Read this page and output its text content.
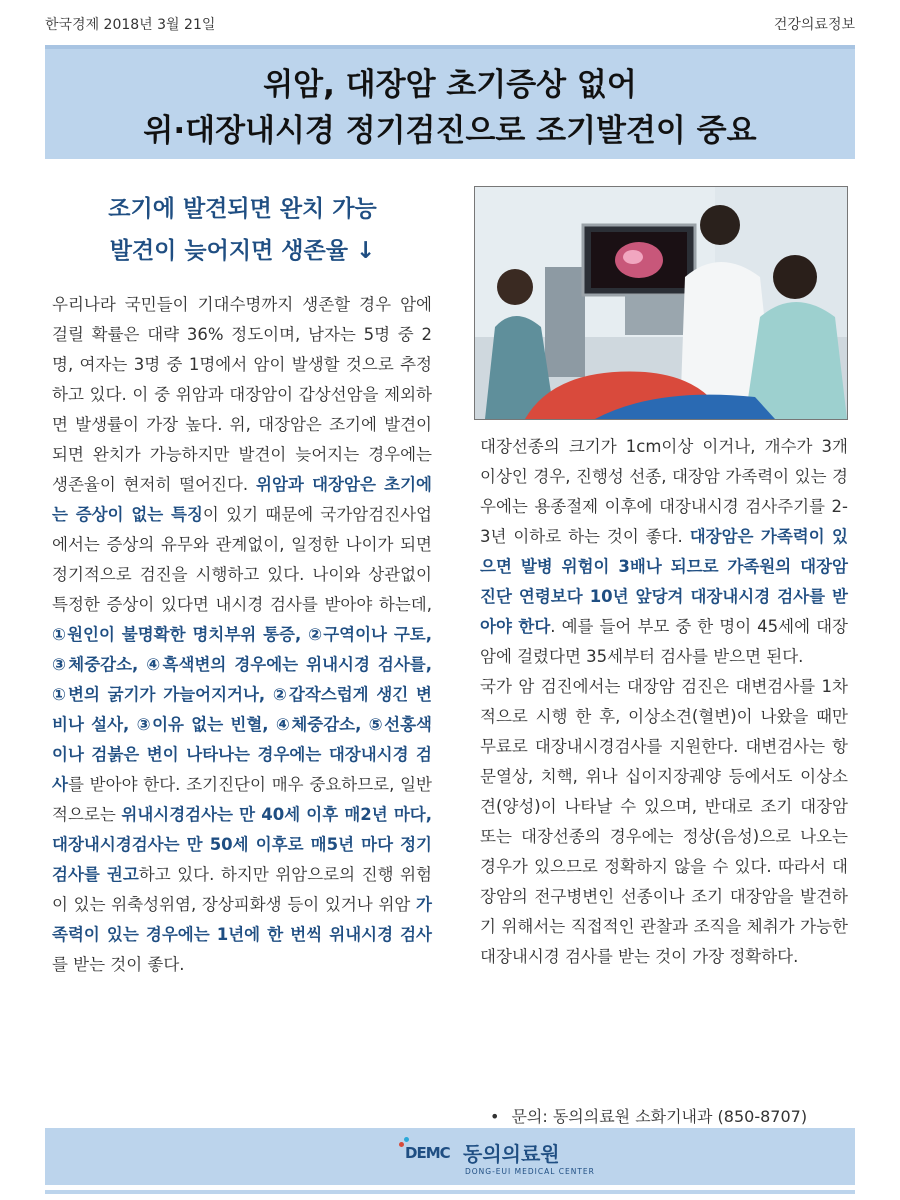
한국경제 2018년 3월 21일	건강의료정보
위암, 대장암 초기증상 없어
위·대장내시경 정기검진으로 조기발견이 중요
조기에 발견되면 완치 가능
발견이 늦어지면 생존율 ↓

우리나라 국민들이 기대수명까지 생존할 경우 암에 걸릴 확률은 대략 36% 정도이며, 남자는 5명 중 2명, 여자는 3명 중 1명에서 암이 발생할 것으로 추정하고 있다. 이 중 위암과 대장암이 갑상선암을 제외하면 발생률이 가장 높다. 위, 대장암은 조기에 발견이 되면 완치가 가능하지만 발견이 늦어지는 경우에는 생존율이 현저히 떨어진다. 위암과 대장암은 초기에는 증상이 없는 특징이 있기 때문에 국가암검진사업에서는 증상의 유무와 관계없이, 일정한 나이가 되면 정기적으로 검진을 시행하고 있다. 나이와 상관없이 특정한 증상이 있다면 내시경 검사를 받아야 하는데, ①원인이 불명확한 명치부위 통증, ②구역이나 구토, ③체중감소, ④흑색변의 경우에는 위내시경 검사를, ①변의 굵기가 가늘어지거나, ②갑작스럽게 생긴 변비나 설사, ③이유 없는 빈혈, ④체중감소, ⑤선홍색이나 검붉은 변이 나타나는 경우에는 대장내시경 검사를 받아야 한다. 조기진단이 매우 중요하므로, 일반적으로는 위내시경검사는 만 40세 이후 매2년 마다, 대장내시경검사는 만 50세 이후로 매5년 마다 정기검사를 권고하고 있다. 하지만 위암으로의 진행 위험이 있는 위축성위염, 장상피화생 등이 있거나 위암 가족력이 있는 경우에는 1년에 한 번씩 위내시경 검사를 받는 것이 좋다.

대장선종의 크기가 1cm이상 이거나, 개수가 3개 이상인 경우, 진행성 선종, 대장암 가족력이 있는 경우에는 용종절제 이후에 대장내시경 검사주기를 2-3년 이하로 하는 것이 좋다. 대장암은 가족력이 있으면 발병 위험이 3배나 되므로 가족원의 대장암 진단 연령보다 10년 앞당겨 대장내시경 검사를 받아야 한다. 예를 들어 부모 중 한 명이 45세에 대장암에 걸렸다면 35세부터 검사를 받으면 된다.

국가 암 검진에서는 대장암 검진은 대변검사를 1차적으로 시행 한 후, 이상소견(혈변)이 나왔을 때만 무료로 대장내시경검사를 지원한다. 대변검사는 항문열상, 치핵, 위나 십이지장궤양 등에서도 이상소견(양성)이 나타날 수 있으며, 반대로 조기 대장암 또는 대장선종의 경우에는 정상(음성)으로 나오는 경우가 있으므로 정확하지 않을 수 있다. 따라서 대장암의 전구병변인 선종이나 조기 대장암을 발견하기 위해서는 직접적인 관찰과 조직을 체취가 가능한 대장내시경 검사를 받는 것이 가장 정확하다.

• 문의: 동의의료원 소화기내과 (850-8707)
DEMC 동의의료원
DONG-EUI MEDICAL CENTER
